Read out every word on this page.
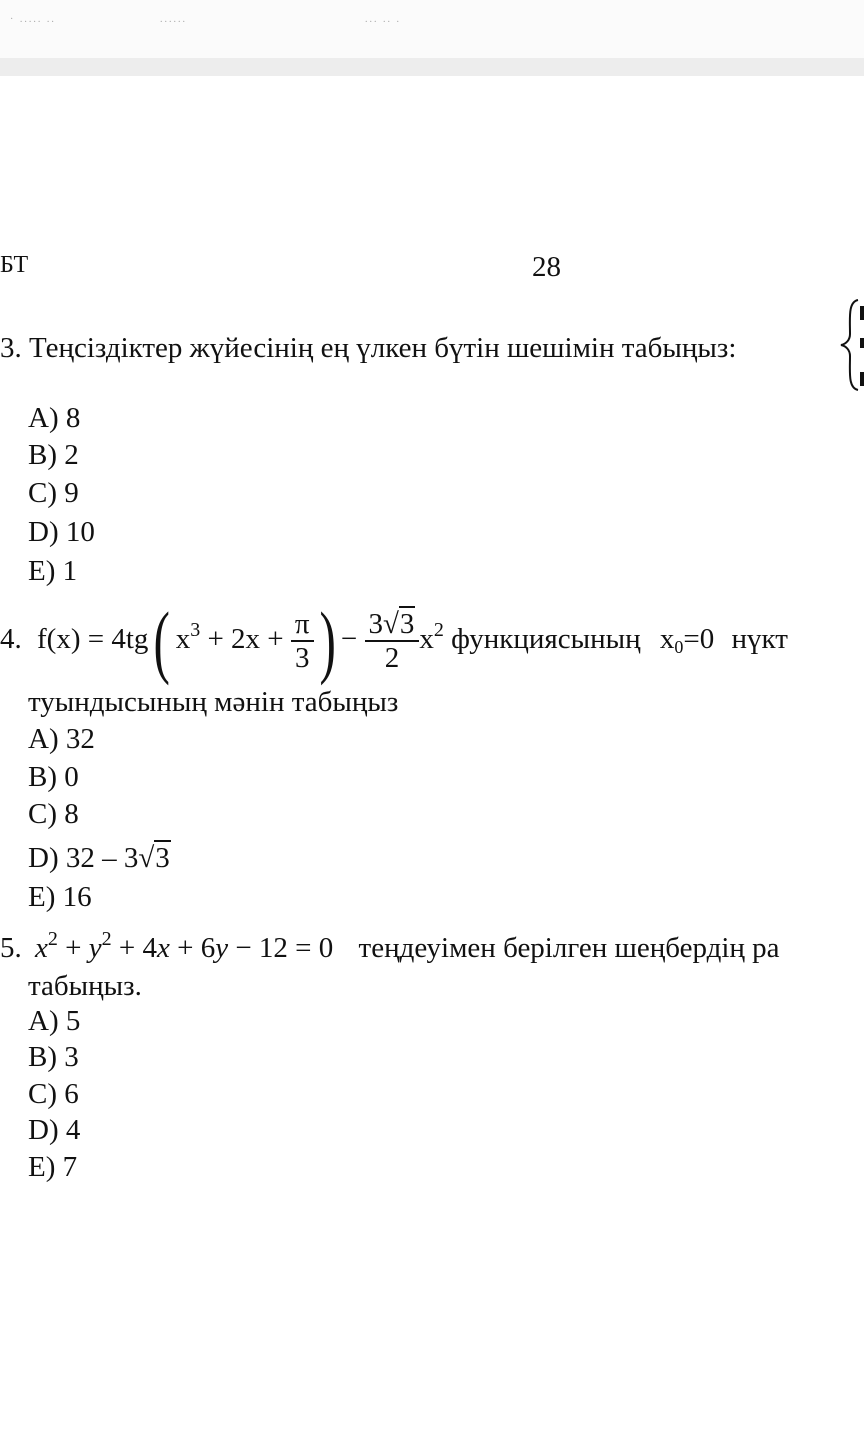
· ..... ..	......	... .. .
БТ	28
3. Теңсіздіктер жүйесінің ең үлкен бүтін шешімін табыңыз:
A) 8
B) 2
C) 9
D) 10
E) 1
4. f(x) = 4tg( $x^3 + 2x + \frac{\pi}{3}$ ) − $\frac{3√3}{2} x^2$ функциясының $x_0=0$ нүкт
туындысының мәнін табыңыз
A) 32
B) 0
C) 8
D) 32 – 3√3
E) 16
5. $x^2 + y^2 + 4x + 6y - 12 = 0$ теңдеуімен берілген шеңбердің ра
табыңыз.
A) 5
B) 3
C) 6
D) 4
E) 7
